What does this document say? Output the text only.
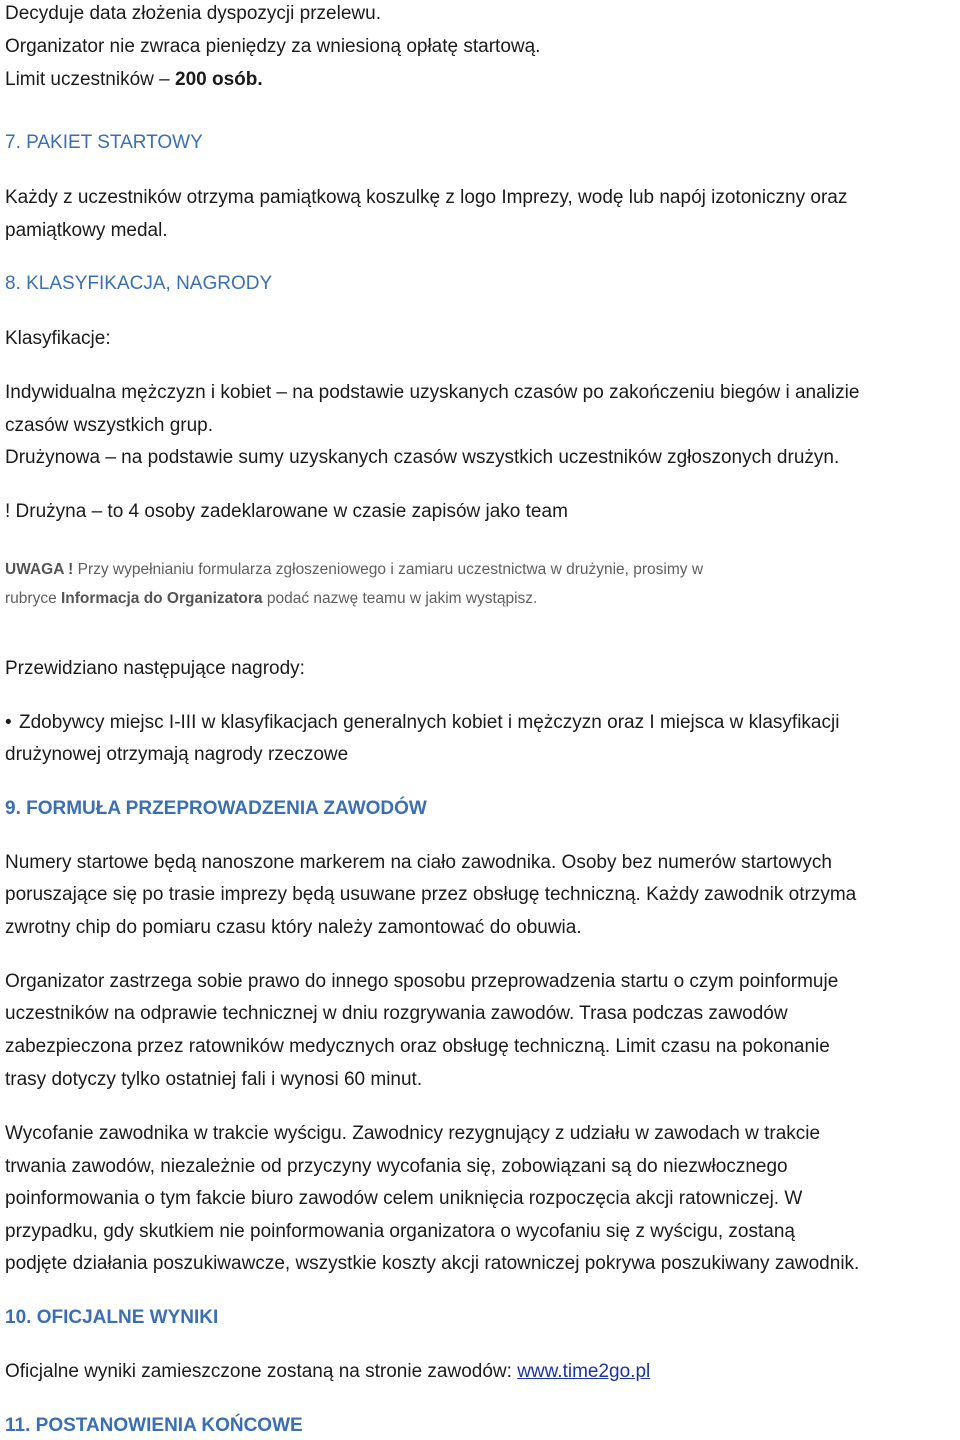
Decyduje data złożenia dyspozycji przelewu.

Organizator nie zwraca pieniędzy za wniesioną opłatę startową.

Limit uczestników – 200 osób.

7. PAKIET STARTOWY

Każdy z uczestników otrzyma pamiątkową koszulkę z logo Imprezy, wodę lub napój izotoniczny oraz

pamiątkowy medal.

8. KLASYFIKACJA, NAGRODY

Klasyfikacje:

Indywidualna mężczyzn i kobiet – na podstawie uzyskanych czasów po zakończeniu biegów i analizie

czasów wszystkich grup.

Drużynowa – na podstawie sumy uzyskanych czasów wszystkich uczestników zgłoszonych drużyn.

! Drużyna – to 4 osoby zadeklarowane w czasie zapisów jako team

UWAGA ! Przy wypełnianiu formularza zgłoszeniowego i zamiaru uczestnictwa w drużynie, prosimy w

rubryce Informacja do Organizatora podać nazwę teamu w jakim wystąpisz.

Przewidziano następujące nagrody:

• Zdobywcy miejsc I-III w klasyfikacjach generalnych kobiet i mężczyzn oraz I miejsca w klasyfikacji

drużynowej otrzymają nagrody rzeczowe

9. FORMUŁA PRZEPROWADZENIA ZAWODÓW

Numery startowe będą nanoszone markerem na ciało zawodnika. Osoby bez numerów startowych

poruszające się po trasie imprezy będą usuwane przez obsługę techniczną. Każdy zawodnik otrzyma

zwrotny chip do pomiaru czasu który należy zamontować do obuwia.

Organizator zastrzega sobie prawo do innego sposobu przeprowadzenia startu o czym poinformuje

uczestników na odprawie technicznej w dniu rozgrywania zawodów. Trasa podczas zawodów

zabezpieczona przez ratowników medycznych oraz obsługę techniczną. Limit czasu na pokonanie

trasy dotyczy tylko ostatniej fali i wynosi 60 minut.

Wycofanie zawodnika w trakcie wyścigu. Zawodnicy rezygnujący z udziału w zawodach w trakcie

trwania zawodów, niezależnie od przyczyny wycofania się, zobowiązani są do niezwłocznego

poinformowania o tym fakcie biuro zawodów celem uniknięcia rozpoczęcia akcji ratowniczej. W

przypadku, gdy skutkiem nie poinformowania organizatora o wycofaniu się z wyścigu, zostaną

podjęte działania poszukiwawcze, wszystkie koszty akcji ratowniczej pokrywa poszukiwany zawodnik.

10. OFICJALNE WYNIKI

Oficjalne wyniki zamieszczone zostaną na stronie zawodów: www.time2go.pl

11. POSTANOWIENIA KOŃCOWE
